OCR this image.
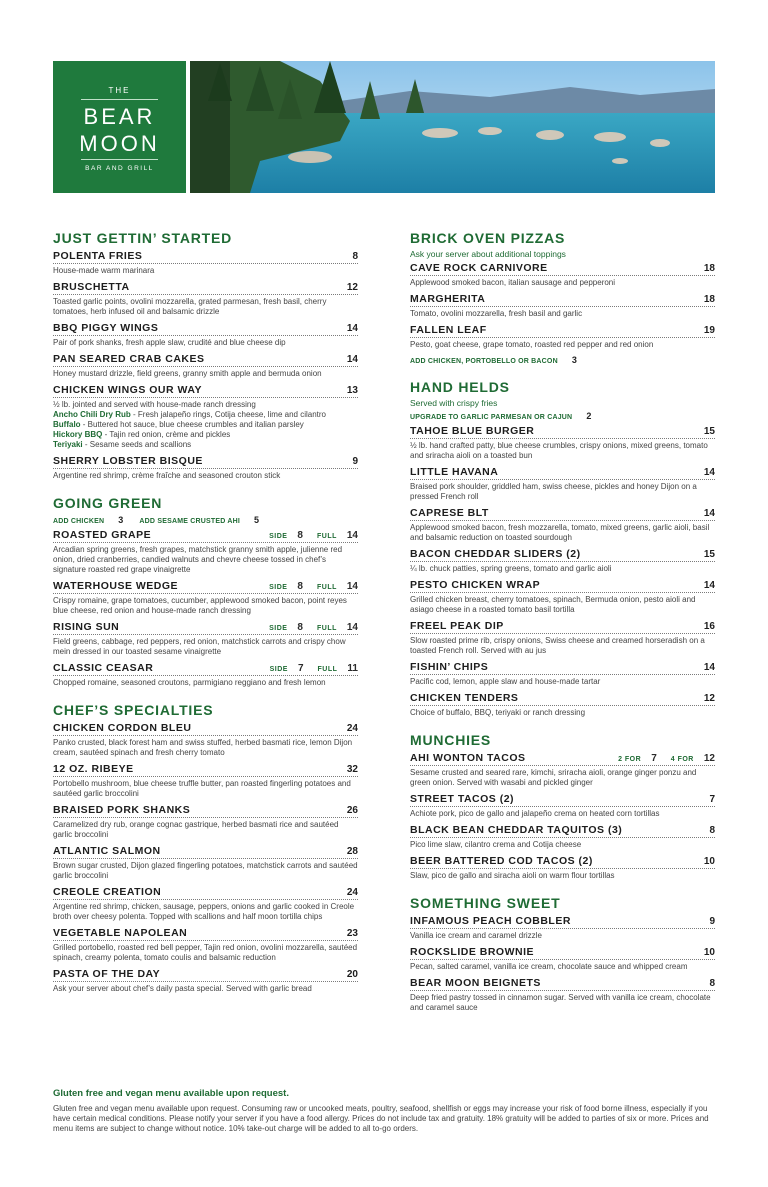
THE
BEAR
MOON
BAR AND GRILL
JUST GETTIN’ STARTED
POLENTA FRIES	8
House-made warm marinara
BRUSCHETTA	12
Toasted garlic points, ovolini mozzarella, grated parmesan, fresh basil, cherry tomatoes, herb infused oil and balsamic drizzle
BBQ PIGGY WINGS	14
Pair of pork shanks, fresh apple slaw, crudité and blue cheese dip
PAN SEARED CRAB CAKES	14
Honey mustard drizzle, field greens, granny smith apple and bermuda onion
CHICKEN WINGS OUR WAY	13
½ lb. jointed and served with house-made ranch dressing
Ancho Chili Dry Rub - Fresh jalapeño rings, Cotija cheese, lime and cilantro
Buffalo - Buttered hot sauce, blue cheese crumbles and italian parsley
Hickory BBQ - Tajin red onion, crème and pickles
Teriyaki - Sesame seeds and scallions
SHERRY LOBSTER BISQUE	9
Argentine red shrimp, crème fraîche and seasoned crouton stick
GOING GREEN
ADD CHICKEN 3 ADD SESAME CRUSTED AHI 5
ROASTED GRAPE	SIDE 8 FULL 14
Arcadian spring greens, fresh grapes, matchstick granny smith apple, julienne red onion, dried cranberries, candied walnuts and chevre cheese tossed in chef’s signature roasted red grape vinaigrette
WATERHOUSE WEDGE	SIDE 8 FULL 14
Crispy romaine, grape tomatoes, cucumber, applewood smoked bacon, point reyes blue cheese, red onion and house-made ranch dressing
RISING SUN	SIDE 8 FULL 14
Field greens, cabbage, red peppers, red onion, matchstick carrots and crispy chow mein dressed in our toasted sesame vinaigrette
CLASSIC CEASAR	SIDE 7 FULL 11
Chopped romaine, seasoned croutons, parmigiano reggiano and fresh lemon
CHEF’S SPECIALTIES
CHICKEN CORDON BLEU	24
Panko crusted, black forest ham and swiss stuffed, herbed basmati rice, lemon Dijon cream, sautéed spinach and fresh cherry tomato
12 OZ. RIBEYE	32
Portobello mushroom, blue cheese truffle butter, pan roasted fingerling potatoes and sautéed garlic broccolini
BRAISED PORK SHANKS	26
Caramelized dry rub, orange cognac gastrique, herbed basmati rice and sautéed garlic broccolini
ATLANTIC SALMON	28
Brown sugar crusted, Dijon glazed fingerling potatoes, matchstick carrots and sautéed garlic broccolini
CREOLE CREATION	24
Argentine red shrimp, chicken, sausage, peppers, onions and garlic cooked in Creole broth over cheesy polenta. Topped with scallions and half moon tortilla chips
VEGETABLE NAPOLEAN	23
Grilled portobello, roasted red bell pepper, Tajin red onion, ovolini mozzarella, sautéed spinach, creamy polenta, tomato coulis and balsamic reduction
PASTA OF THE DAY	20
Ask your server about chef’s daily pasta special. Served with garlic bread
BRICK OVEN PIZZAS
Ask your server about additional toppings
CAVE ROCK CARNIVORE	18
Applewood smoked bacon, italian sausage and pepperoni
MARGHERITA	18
Tomato, ovolini mozzarella, fresh basil and garlic
FALLEN LEAF	19
Pesto, goat cheese, grape tomato, roasted red pepper and red onion
ADD CHICKEN, PORTOBELLO OR BACON 3
HAND HELDS
Served with crispy fries
UPGRADE TO GARLIC PARMESAN OR CAJUN 2
TAHOE BLUE BURGER	15
½ lb. hand crafted patty, blue cheese crumbles, crispy onions, mixed greens, tomato and sriracha aioli on a toasted bun
LITTLE HAVANA	14
Braised pork shoulder, griddled ham, swiss cheese, pickles and honey Dijon on a pressed French roll
CAPRESE BLT	14
Applewood smoked bacon, fresh mozzarella, tomato, mixed greens, garlic aioli, basil and balsamic reduction on toasted sourdough
BACON CHEDDAR SLIDERS (2)	15
¼ lb. chuck patties, spring greens, tomato and garlic aioli
PESTO CHICKEN WRAP	14
Grilled chicken breast, cherry tomatoes, spinach, Bermuda onion, pesto aioli and asiago cheese in a roasted tomato basil tortilla
FREEL PEAK DIP	16
Slow roasted prime rib, crispy onions, Swiss cheese and creamed horseradish on a toasted French roll. Served with au jus
FISHIN’ CHIPS	14
Pacific cod, lemon, apple slaw and house-made tartar
CHICKEN TENDERS	12
Choice of buffalo, BBQ, teriyaki or ranch dressing
MUNCHIES
AHI WONTON TACOS	2 FOR 7 4 FOR 12
Sesame crusted and seared rare, kimchi, sriracha aioli, orange ginger ponzu and green onion. Served with wasabi and pickled ginger
STREET TACOS (2)	7
Achiote pork, pico de gallo and jalapeño crema on heated corn tortillas
BLACK BEAN CHEDDAR TAQUITOS (3)	8
Pico lime slaw, cilantro crema and Cotija cheese
BEER BATTERED COD TACOS (2)	10
Slaw, pico de gallo and siracha aioli on warm flour tortillas
SOMETHING SWEET
INFAMOUS PEACH COBBLER	9
Vanilla ice cream and caramel drizzle
ROCKSLIDE BROWNIE	10
Pecan, salted caramel, vanilla ice cream, chocolate sauce and whipped cream
BEAR MOON BEIGNETS	8
Deep fried pastry tossed in cinnamon sugar. Served with vanilla ice cream, chocolate and caramel sauce
Gluten free and vegan menu available upon request.
Gluten free and vegan menu available upon request. Consuming raw or uncooked meats, poultry, seafood, shellfish or eggs may increase your risk of food borne illness, especially if you have certain medical conditions. Please notify your server if you have a food allergy. Prices do not include tax and gratuity. 18% gratuity will be added to parties of six or more. Prices and menu items are subject to change without notice. 10% take-out charge will be added to all to-go orders.
